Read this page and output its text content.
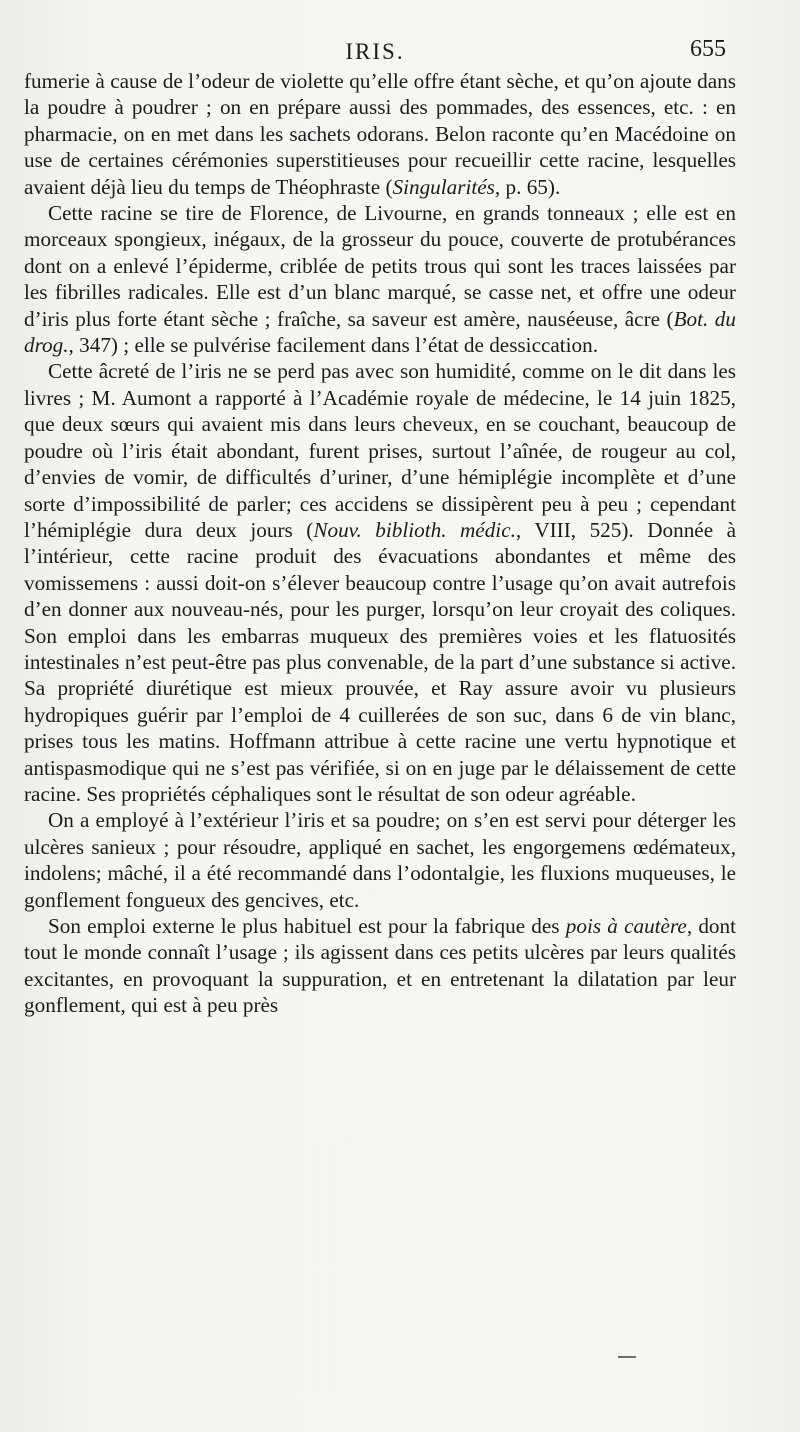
IRIS.	655

fumerie à cause de l’odeur de violette qu’elle offre étant sèche, et qu’on ajoute dans la poudre à poudrer ; on en prépare aussi des pommades, des essences, etc. : en pharmacie, on en met dans les sachets odorans. Belon raconte qu’en Macédoine on use de certaines cérémonies superstitieuses pour recueillir cette racine, lesquelles avaient déjà lieu du temps de Théophraste (Singularités, p. 65).

Cette racine se tire de Florence, de Livourne, en grands tonneaux ; elle est en morceaux spongieux, inégaux, de la grosseur du pouce, couverte de protubérances dont on a enlevé l’épiderme, criblée de petits trous qui sont les traces laissées par les fibrilles radicales. Elle est d’un blanc marqué, se casse net, et offre une odeur d’iris plus forte étant sèche ; fraîche, sa saveur est amère, nauséeuse, âcre (Bot. du drog., 347) ; elle se pulvérise facilement dans l’état de dessiccation.

Cette âcreté de l’iris ne se perd pas avec son humidité, comme on le dit dans les livres ; M. Aumont a rapporté à l’Académie royale de médecine, le 14 juin 1825, que deux sœurs qui avaient mis dans leurs cheveux, en se couchant, beaucoup de poudre où l’iris était abondant, furent prises, surtout l’aînée, de rougeur au col, d’envies de vomir, de difficultés d’uriner, d’une hémiplégie incomplète et d’une sorte d’impossibilité de parler; ces accidens se dissipèrent peu à peu ; cependant l’hémiplégie dura deux jours (Nouv. biblioth. médic., VIII, 525). Donnée à l’intérieur, cette racine produit des évacuations abondantes et même des vomissemens : aussi doit-on s’élever beaucoup contre l’usage qu’on avait autrefois d’en donner aux nouveau-nés, pour les purger, lorsqu’on leur croyait des coliques. Son emploi dans les embarras muqueux des premières voies et les flatuosités intestinales n’est peut-être pas plus convenable, de la part d’une substance si active. Sa propriété diurétique est mieux prouvée, et Ray assure avoir vu plusieurs hydropiques guérir par l’emploi de 4 cuillerées de son suc, dans 6 de vin blanc, prises tous les matins. Hoffmann attribue à cette racine une vertu hypnotique et antispasmodique qui ne s’est pas vérifiée, si on en juge par le délaissement de cette racine. Ses propriétés céphaliques sont le résultat de son odeur agréable.

On a employé à l’extérieur l’iris et sa poudre; on s’en est servi pour déterger les ulcères sanieux ; pour résoudre, appliqué en sachet, les engorgemens œdémateux, indolens; mâché, il a été recommandé dans l’odontalgie, les fluxions muqueuses, le gonflement fongueux des gencives, etc.

Son emploi externe le plus habituel est pour la fabrique des pois à cautère, dont tout le monde connaît l’usage ; ils agissent dans ces petits ulcères par leurs qualités excitantes, en provoquant la suppuration, et en entretenant la dilatation par leur gonflement, qui est à peu près
